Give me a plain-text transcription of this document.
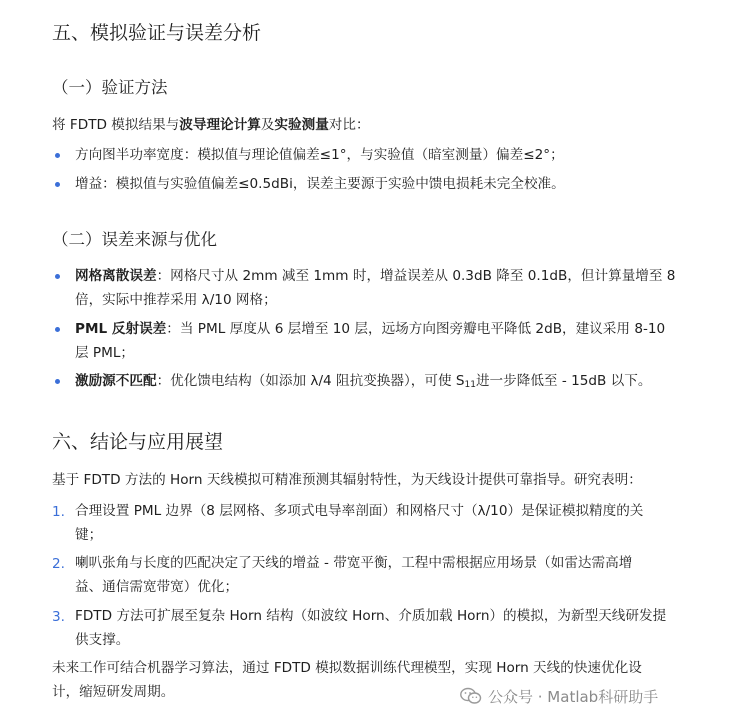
五、模拟验证与误差分析
（一）验证方法

将 FDTD 模拟结果与波导理论计算及实验测量对比：

方向图半功率宽度：模拟值与理论值偏差≤1°，与实验值（暗室测量）偏差≤2°；

增益：模拟值与实验值偏差≤0.5dBi，误差主要源于实验中馈电损耗未完全校准。

（二）误差来源与优化

网格离散误差：网格尺寸从 2mm 减至 1mm 时，增益误差从 0.3dB 降至 0.1dB，但计算量增至 8
倍，实际中推荐采用 λ/10 网格；

PML 反射误差：当 PML 厚度从 6 层增至 10 层，远场方向图旁瓣电平降低 2dB，建议采用 8-10
层 PML；

激励源不匹配：优化馈电结构（如添加 λ/4 阻抗变换器），可使 $S_{11}$进一步降低至 - 15dB 以下。

六、结论与应用展望

基于 FDTD 方法的 Horn 天线模拟可精准预测其辐射特性，为天线设计提供可靠指导。研究表明：

1. 合理设置 PML 边界（8 层网格、多项式电导率剖面）和网格尺寸（λ/10）是保证模拟精度的关
键；

2. 喇叭张角与长度的匹配决定了天线的增益 - 带宽平衡，工程中需根据应用场景（如雷达需高增
益、通信需宽带宽）优化；

3. FDTD 方法可扩展至复杂 Horn 结构（如波纹 Horn、介质加载 Horn）的模拟，为新型天线研发提
供支撑。

未来工作可结合机器学习算法，通过 FDTD 模拟数据训练代理模型，实现 Horn 天线的快速优化设
计，缩短研发周期。	公众号 · Matlab科研助手
